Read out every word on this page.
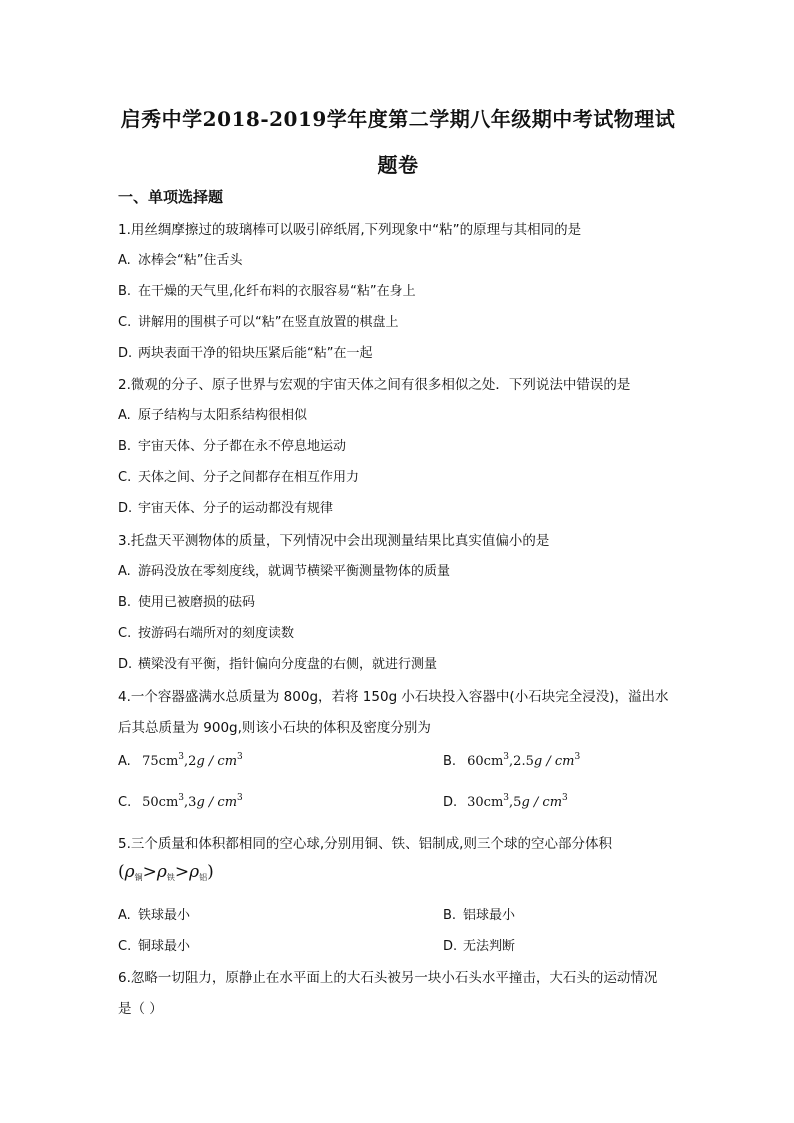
启秀中学2018-2019学年度第二学期八年级期中考试物理试
题卷
一、单项选择题
1.用丝绸摩擦过的玻璃棒可以吸引碎纸屑,下列现象中“粘”的原理与其相同的是
A. 冰棒会“粘”住舌头
B. 在干燥的天气里,化纤布料的衣服容易“粘”在身上
C. 讲解用的围棋子可以“粘”在竖直放置的棋盘上
D. 两块表面干净的铅块压紧后能“粘”在一起
2.微观的分子、原子世界与宏观的宇宙天体之间有很多相似之处．下列说法中错误的是
A. 原子结构与太阳系结构很相似
B. 宇宙天体、分子都在永不停息地运动
C. 天体之间、分子之间都存在相互作用力
D. 宇宙天体、分子的运动都没有规律
3.托盘天平测物体的质量，下列情况中会出现测量结果比真实值偏小的是
A. 游码没放在零刻度线，就调节横梁平衡测量物体的质量
B. 使用已被磨损的砝码
C. 按游码右端所对的刻度读数
D. 横梁没有平衡，指针偏向分度盘的右侧，就进行测量
4.一个容器盛满水总质量为 800g，若将 150g 小石块投入容器中(小石块完全浸没)，溢出水
后其总质量为 900g,则该小石块的体积及密度分别为
A. $75cm^3,2g / cm^3$	B. $60cm^3,2.5g / cm^3$
C. $50cm^3,3g / cm^3$	D. $30cm^3,5g / cm^3$
5.三个质量和体积都相同的空心球,分别用铜、铁、铝制成,则三个球的空心部分体积
$(\rho_铜>\rho_铁>\rho_铝)$
A. 铁球最小	B. 铝球最小
C. 铜球最小	D. 无法判断
6.忽略一切阻力，原静止在水平面上的大石头被另一块小石头水平撞击，大石头的运动情况
是（ ）
